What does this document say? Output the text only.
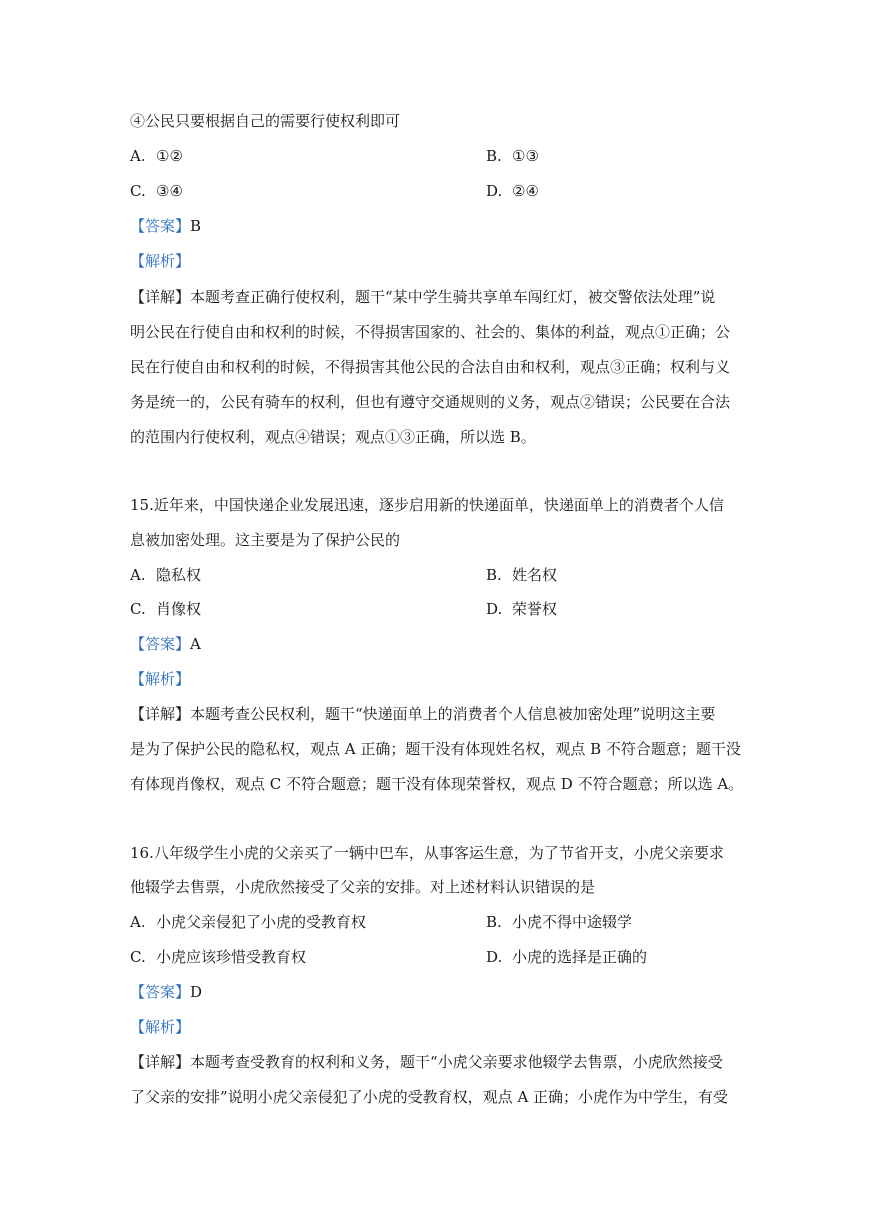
④公民只要根据自己的需要行使权利即可
A. ①②	B. ①③
C. ③④	D. ②④
【答案】B
【解析】
【详解】本题考查正确行使权利，题干“某中学生骑共享单车闯红灯，被交警依法处理”说
明公民在行使自由和权利的时候，不得损害国家的、社会的、集体的利益，观点①正确；公
民在行使自由和权利的时候，不得损害其他公民的合法自由和权利，观点③正确；权利与义
务是统一的，公民有骑车的权利，但也有遵守交通规则的义务，观点②错误；公民要在合法
的范围内行使权利，观点④错误；观点①③正确，所以选 B。
15.近年来，中国快递企业发展迅速，逐步启用新的快递面单，快递面单上的消费者个人信
息被加密处理。这主要是为了保护公民的
A. 隐私权	B. 姓名权
C. 肖像权	D. 荣誉权
【答案】A
【解析】
【详解】本题考查公民权利，题干“快递面单上的消费者个人信息被加密处理”说明这主要
是为了保护公民的隐私权，观点 A 正确；题干没有体现姓名权，观点 B 不符合题意；题干没
有体现肖像权，观点 C 不符合题意；题干没有体现荣誉权，观点 D 不符合题意；所以选 A。
16.八年级学生小虎的父亲买了一辆中巴车，从事客运生意，为了节省开支，小虎父亲要求
他辍学去售票，小虎欣然接受了父亲的安排。对上述材料认识错误的是
A. 小虎父亲侵犯了小虎的受教育权	B. 小虎不得中途辍学
C. 小虎应该珍惜受教育权	D. 小虎的选择是正确的
【答案】D
【解析】
【详解】本题考查受教育的权利和义务，题干“小虎父亲要求他辍学去售票，小虎欣然接受
了父亲的安排”说明小虎父亲侵犯了小虎的受教育权，观点 A 正确；小虎作为中学生，有受
